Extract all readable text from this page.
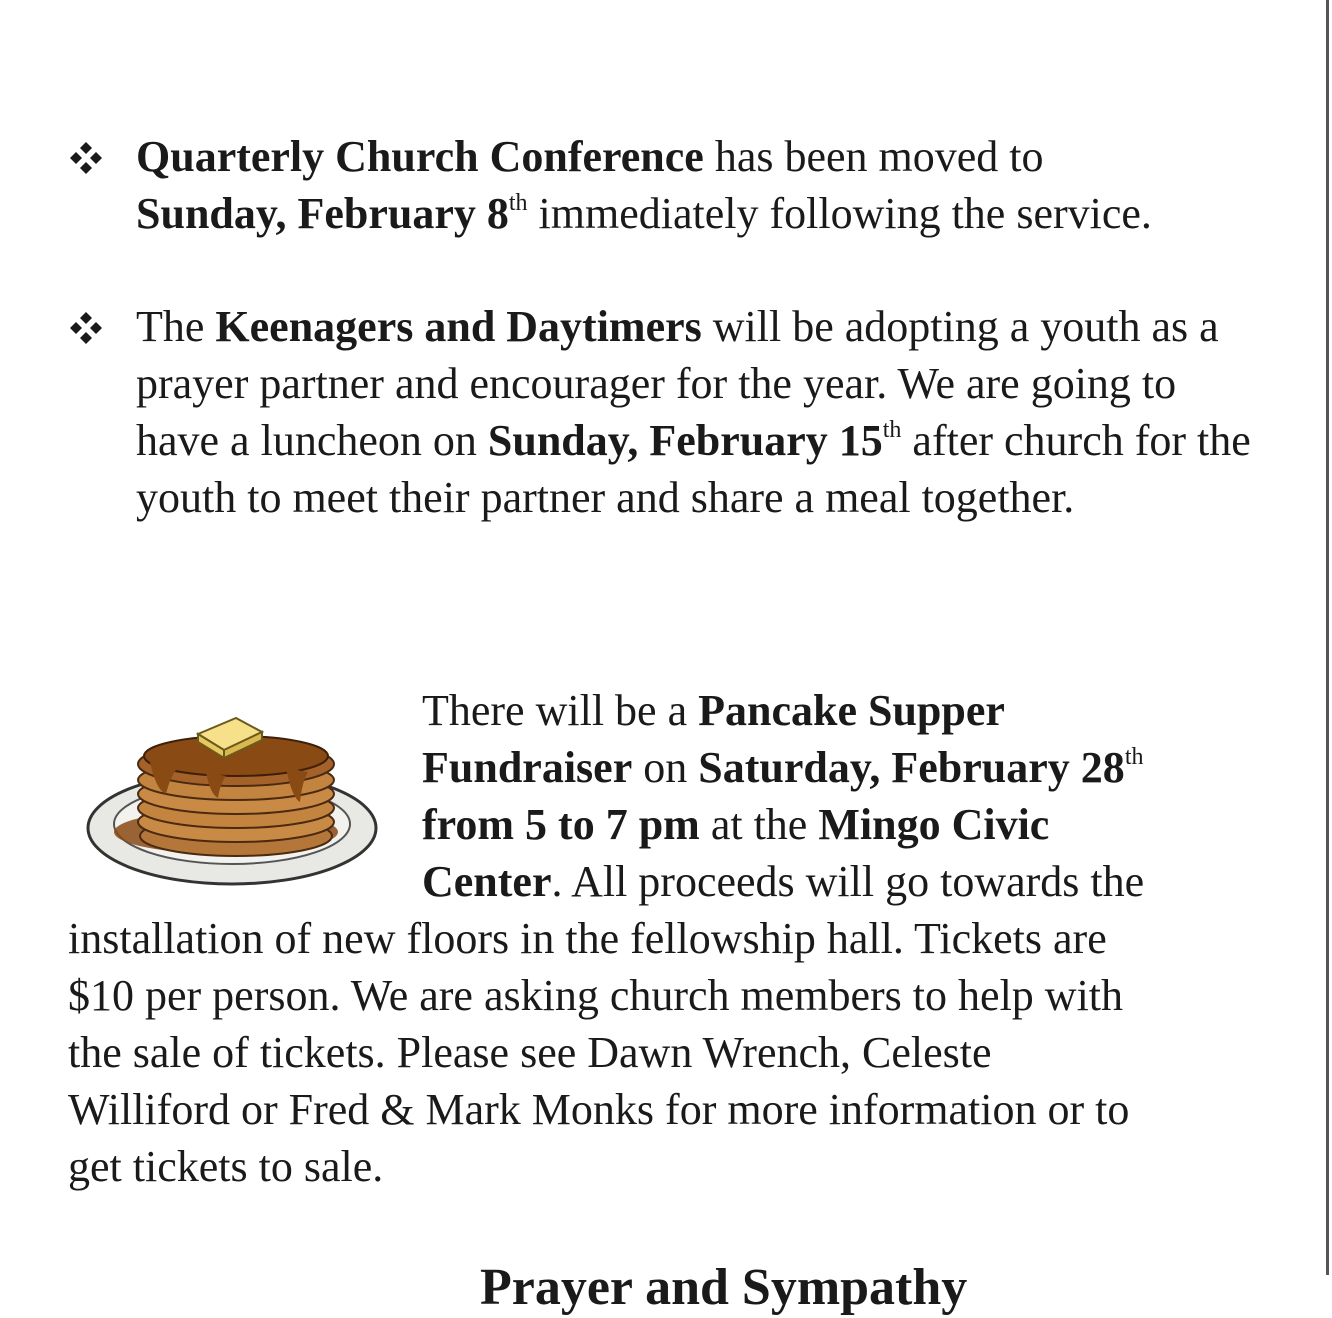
Quarterly Church Conference has been moved to
Sunday, February 8th immediately following the service.
The Keenagers and Daytimers will be adopting a youth as a prayer partner and encourager for the year. We are going to have a luncheon on Sunday, February 15th after church for the youth to meet their partner and share a meal together.
There will be a Pancake Supper
Fundraiser on Saturday, February 28th
from 5 to 7 pm at the Mingo Civic
Center. All proceeds will go towards the
installation of new floors in the fellowship hall. Tickets are
$10 per person. We are asking church members to help with
the sale of tickets. Please see Dawn Wrench, Celeste
Williford or Fred & Mark Monks for more information or to
get tickets to sale.
Prayer and Sympathy
